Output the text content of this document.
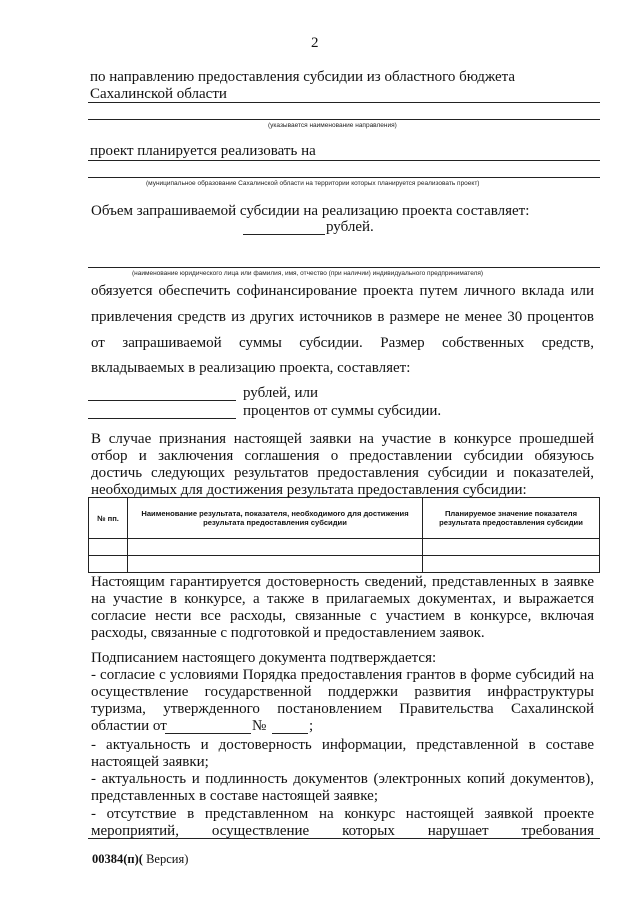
2
по направлению предоставления субсидии из областного бюджета
Сахалинской области
(указывается наименование направления)
проект планируется реализовать на
(муниципальное образование Сахалинской области на территории которых планируется реализовать проект)
Объем запрашиваемой субсидии на реализацию проекта составляет:
рублей.
(наименование юридического лица или фамилия, имя, отчество (при наличии) индивидуального предпринимателя)
обязуется обеспечить софинансирование проекта путем личного вклада или
привлечения средств из других источников в размере не менее 30 процентов
от запрашиваемой суммы субсидии. Размер собственных средств,
вкладываемых в реализацию проекта, составляет:
рублей, или
процентов от суммы субсидии.
В случае признания настоящей заявки на участие в конкурсе прошедшей
отбор и заключения соглашения о предоставлении субсидии обязуюсь
достичь следующих результатов предоставления субсидии и показателей,
необходимых для достижения результата предоставления субсидии:
№ пп.	Наименование результата, показателя, необходимого для достижения результата предоставления субсидии	Планируемое значение показателя результата предоставления субсидии

Настоящим гарантируется достоверность сведений, представленных в заявке
на участие в конкурсе, а также в прилагаемых документах, и выражается
согласие нести все расходы, связанные с участием в конкурсе, включая
расходы, связанные с подготовкой и предоставлением заявок.
Подписанием настоящего документа подтверждается:
- согласие с условиями Порядка предоставления грантов в форме субсидий на
осуществление государственной поддержки развития инфраструктуры
туризма, утвержденного постановлением Правительства Сахалинской
областии от	№	;
- актуальность и достоверность информации, представленной в составе
настоящей заявки;
- актуальность и подлинность документов (электронных копий документов),
представленных в составе настоящей заявке;
- отсутствие в представленном на конкурс настоящей заявкой проекте
мероприятий, осуществление которых нарушает требования
00384(п)( Версия)
